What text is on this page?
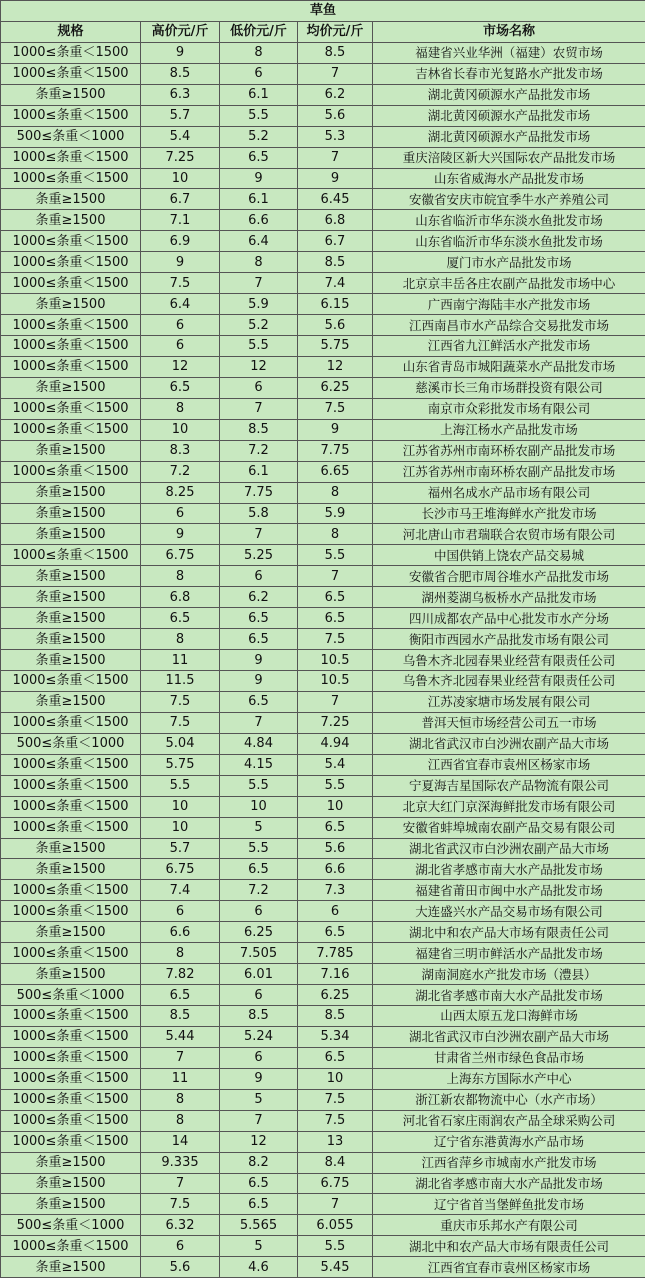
草鱼				
规格	高价元/斤	低价元/斤	均价元/斤	市场名称
1000≤条重＜1500	9	8	8.5	福建省兴业华洲（福建）农贸市场
1000≤条重＜1500	8.5	6	7	吉林省长春市光复路水产批发市场
条重≥1500	6.3	6.1	6.2	湖北黄冈硕源水产品批发市场
1000≤条重＜1500	5.7	5.5	5.6	湖北黄冈硕源水产品批发市场
500≤条重＜1000	5.4	5.2	5.3	湖北黄冈硕源水产品批发市场
1000≤条重＜1500	7.25	6.5	7	重庆涪陵区新大兴国际农产品批发市场
1000≤条重＜1500	10	9	9	山东省威海水产品批发市场
条重≥1500	6.7	6.1	6.45	安徽省安庆市皖宜季牛水产养殖公司
条重≥1500	7.1	6.6	6.8	山东省临沂市华东淡水鱼批发市场
1000≤条重＜1500	6.9	6.4	6.7	山东省临沂市华东淡水鱼批发市场
1000≤条重＜1500	9	8	8.5	厦门市水产品批发市场
1000≤条重＜1500	7.5	7	7.4	北京京丰岳各庄农副产品批发市场中心
条重≥1500	6.4	5.9	6.15	广西南宁海陆丰水产批发市场
1000≤条重＜1500	6	5.2	5.6	江西南昌市水产品综合交易批发市场
1000≤条重＜1500	6	5.5	5.75	江西省九江鲜活水产批发市场
1000≤条重＜1500	12	12	12	山东省青岛市城阳蔬菜水产品批发市场
条重≥1500	6.5	6	6.25	慈溪市长三角市场群投资有限公司
1000≤条重＜1500	8	7	7.5	南京市众彩批发市场有限公司
1000≤条重＜1500	10	8.5	9	上海江杨水产品批发市场
条重≥1500	8.3	7.2	7.75	江苏省苏州市南环桥农副产品批发市场
1000≤条重＜1500	7.2	6.1	6.65	江苏省苏州市南环桥农副产品批发市场
条重≥1500	8.25	7.75	8	福州名成水产品市场有限公司
条重≥1500	6	5.8	5.9	长沙市马王堆海鲜水产批发市场
条重≥1500	9	7	8	河北唐山市君瑞联合农贸市场有限公司
1000≤条重＜1500	6.75	5.25	5.5	中国供销上饶农产品交易城
条重≥1500	8	6	7	安徽省合肥市周谷堆水产品批发市场
条重≥1500	6.8	6.2	6.5	湖州菱湖乌板桥水产品批发市场
条重≥1500	6.5	6.5	6.5	四川成都农产品中心批发市水产分场
条重≥1500	8	6.5	7.5	衡阳市西园水产品批发市场有限公司
条重≥1500	11	9	10.5	乌鲁木齐北园春果业经营有限责任公司
1000≤条重＜1500	11.5	9	10.5	乌鲁木齐北园春果业经营有限责任公司
条重≥1500	7.5	6.5	7	江苏凌家塘市场发展有限公司
1000≤条重＜1500	7.5	7	7.25	普洱天恒市场经营公司五一市场
500≤条重＜1000	5.04	4.84	4.94	湖北省武汉市白沙洲农副产品大市场
1000≤条重＜1500	5.75	4.15	5.4	江西省宜春市袁州区杨家市场
1000≤条重＜1500	5.5	5.5	5.5	宁夏海吉星国际农产品物流有限公司
1000≤条重＜1500	10	10	10	北京大红门京深海鲜批发市场有限公司
1000≤条重＜1500	10	5	6.5	安徽省蚌埠城南农副产品交易有限公司
条重≥1500	5.7	5.5	5.6	湖北省武汉市白沙洲农副产品大市场
条重≥1500	6.75	6.5	6.6	湖北省孝感市南大水产品批发市场
1000≤条重＜1500	7.4	7.2	7.3	福建省莆田市闽中水产品批发市场
1000≤条重＜1500	6	6	6	大连盛兴水产品交易市场有限公司
条重≥1500	6.6	6.25	6.5	湖北中和农产品大市场有限责任公司
1000≤条重＜1500	8	7.505	7.785	福建省三明市鲜活水产品批发市场
条重≥1500	7.82	6.01	7.16	湖南洞庭水产批发市场（澧县）
500≤条重＜1000	6.5	6	6.25	湖北省孝感市南大水产品批发市场
1000≤条重＜1500	8.5	8.5	8.5	山西太原五龙口海鲜市场
1000≤条重＜1500	5.44	5.24	5.34	湖北省武汉市白沙洲农副产品大市场
1000≤条重＜1500	7	6	6.5	甘肃省兰州市绿色食品市场
1000≤条重＜1500	11	9	10	上海东方国际水产中心
1000≤条重＜1500	8	5	7.5	浙江新农都物流中心（水产市场）
1000≤条重＜1500	8	7	7.5	河北省石家庄雨润农产品全球采购公司
1000≤条重＜1500	14	12	13	辽宁省东港黄海水产品市场
条重≥1500	9.335	8.2	8.4	江西省萍乡市城南水产批发市场
条重≥1500	7	6.5	6.75	湖北省孝感市南大水产品批发市场
条重≥1500	7.5	6.5	7	辽宁省首当堡鲜鱼批发市场
500≤条重＜1000	6.32	5.565	6.055	重庆市乐邦水产有限公司
1000≤条重＜1500	6	5	5.5	湖北中和农产品大市场有限责任公司
条重≥1500	5.6	4.6	5.45	江西省宜春市袁州区杨家市场
